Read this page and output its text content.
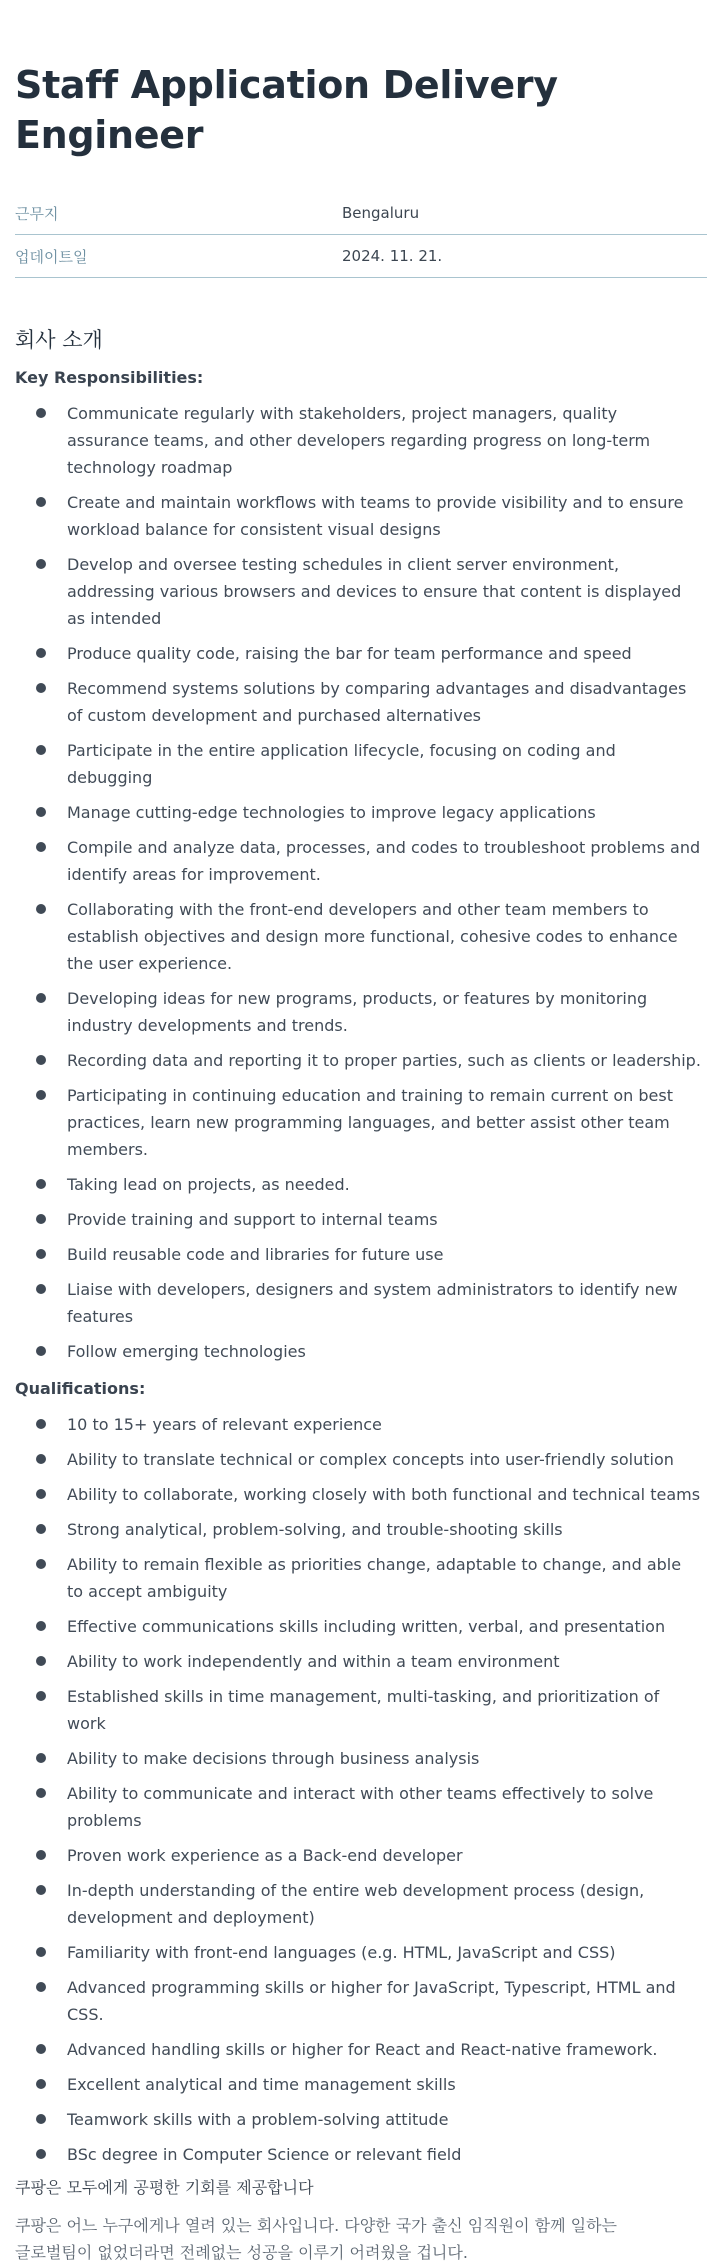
Staff Application Delivery Engineer
근무지	Bengaluru
업데이트일	2024. 11. 21.
회사 소개
Key Responsibilities:
Communicate regularly with stakeholders, project managers, quality assurance teams, and other developers regarding progress on long-term technology roadmap
Create and maintain workflows with teams to provide visibility and to ensure workload balance for consistent visual designs
Develop and oversee testing schedules in client server environment, addressing various browsers and devices to ensure that content is displayed as intended
Produce quality code, raising the bar for team performance and speed
Recommend systems solutions by comparing advantages and disadvantages of custom development and purchased alternatives
Participate in the entire application lifecycle, focusing on coding and debugging
Manage cutting-edge technologies to improve legacy applications
Compile and analyze data, processes, and codes to troubleshoot problems and identify areas for improvement.
Collaborating with the front-end developers and other team members to establish objectives and design more functional, cohesive codes to enhance the user experience.
Developing ideas for new programs, products, or features by monitoring industry developments and trends.
Recording data and reporting it to proper parties, such as clients or leadership.
Participating in continuing education and training to remain current on best practices, learn new programming languages, and better assist other team members.
Taking lead on projects, as needed.
Provide training and support to internal teams
Build reusable code and libraries for future use
Liaise with developers, designers and system administrators to identify new features
Follow emerging technologies
Qualifications:
10 to 15+ years of relevant experience
Ability to translate technical or complex concepts into user-friendly solution
Ability to collaborate, working closely with both functional and technical teams
Strong analytical, problem-solving, and trouble-shooting skills
Ability to remain flexible as priorities change, adaptable to change, and able to accept ambiguity
Effective communications skills including written, verbal, and presentation
Ability to work independently and within a team environment
Established skills in time management, multi-tasking, and prioritization of work
Ability to make decisions through business analysis
Ability to communicate and interact with other teams effectively to solve problems
Proven work experience as a Back-end developer
In-depth understanding of the entire web development process (design, development and deployment)
Familiarity with front-end languages (e.g. HTML, JavaScript and CSS)
Advanced programming skills or higher for JavaScript, Typescript, HTML and CSS.
Advanced handling skills or higher for React and React-native framework.
Excellent analytical and time management skills
Teamwork skills with a problem-solving attitude
BSc degree in Computer Science or relevant field
쿠팡은 모두에게 공평한 기회를 제공합니다
쿠팡은 어느 누구에게나 열려 있는 회사입니다. 다양한 국가 출신 임직원이 함께 일하는 글로벌팀이 없었더라면 전례없는 성공을 이루기 어려웠을 겁니다.
